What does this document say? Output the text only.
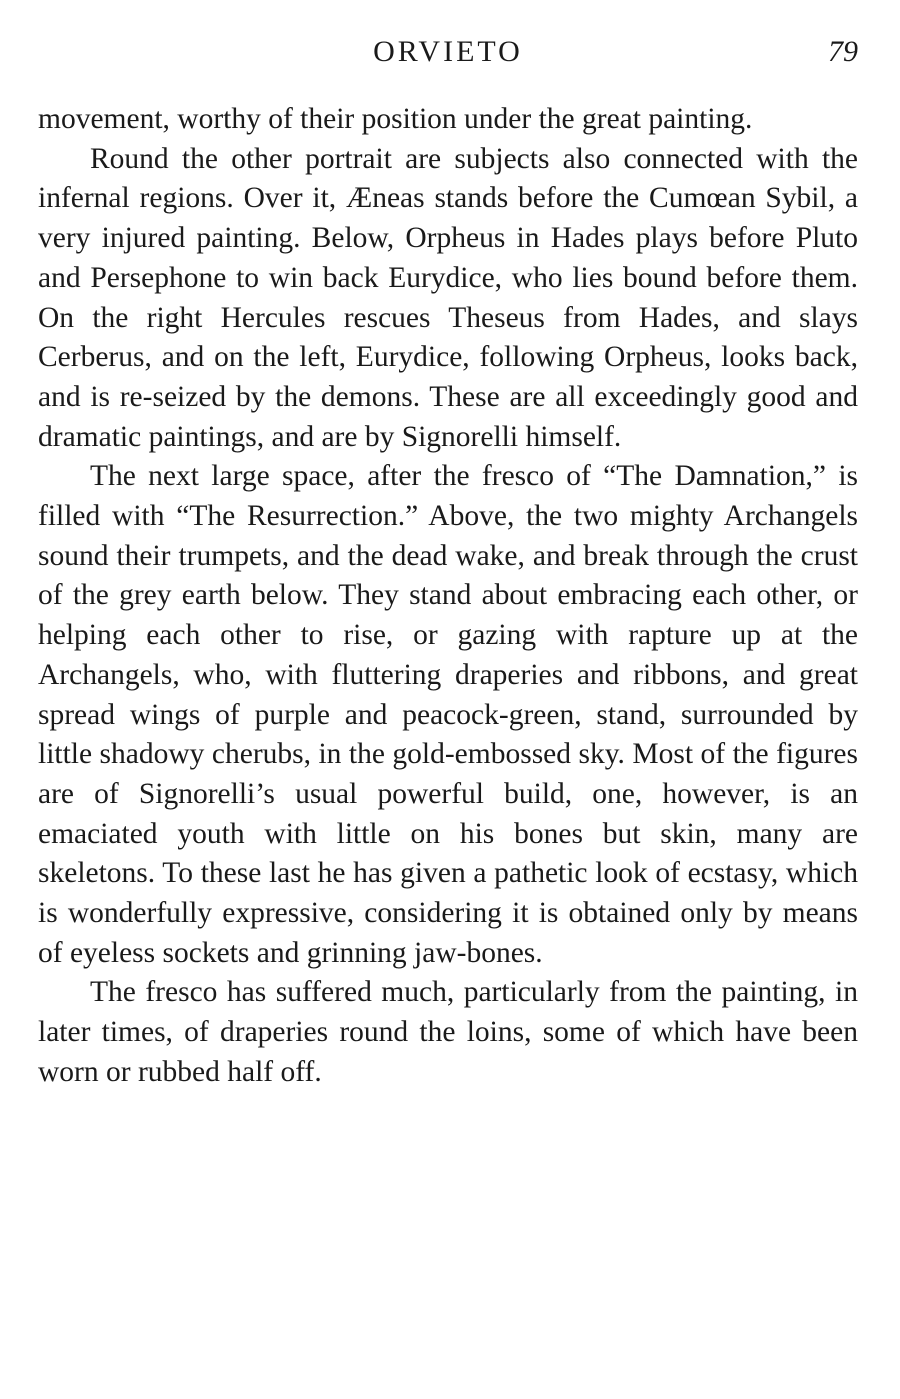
ORVIETO	79

movement, worthy of their position under the great painting.

Round the other portrait are subjects also connected with the infernal regions. Over it, Æneas stands before the Cumœan Sybil, a very injured painting. Below, Orpheus in Hades plays before Pluto and Persephone to win back Eurydice, who lies bound before them. On the right Hercules rescues Theseus from Hades, and slays Cerberus, and on the left, Eurydice, following Orpheus, looks back, and is re-seized by the demons. These are all exceedingly good and dramatic paintings, and are by Signorelli himself.

The next large space, after the fresco of “The Damnation,” is filled with “The Resurrection.” Above, the two mighty Archangels sound their trumpets, and the dead wake, and break through the crust of the grey earth below. They stand about embracing each other, or helping each other to rise, or gazing with rapture up at the Archangels, who, with fluttering draperies and ribbons, and great spread wings of purple and peacock-green, stand, surrounded by little shadowy cherubs, in the gold-embossed sky. Most of the figures are of Signorelli’s usual powerful build, one, however, is an emaciated youth with little on his bones but skin, many are skeletons. To these last he has given a pathetic look of ecstasy, which is wonderfully expressive, considering it is obtained only by means of eyeless sockets and grinning jaw-bones.

The fresco has suffered much, particularly from the painting, in later times, of draperies round the loins, some of which have been worn or rubbed half off.
